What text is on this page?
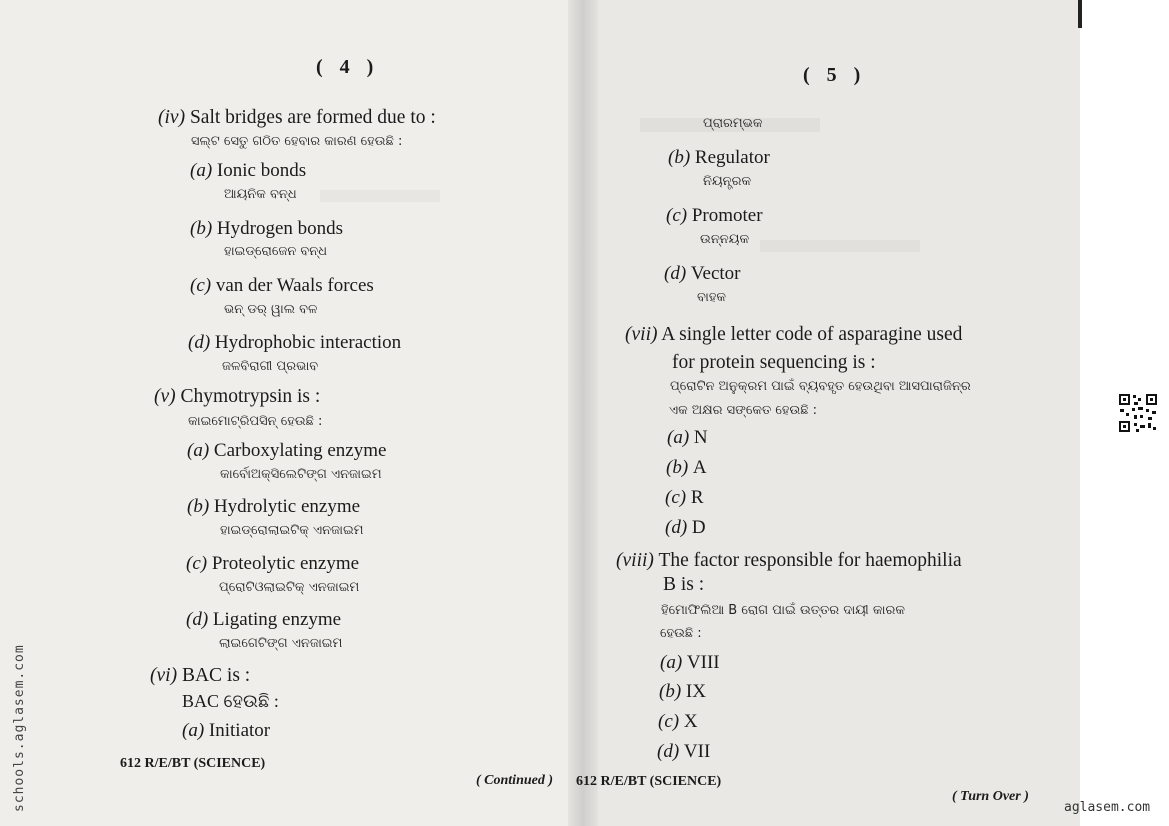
( 4 )
(iv) Salt bridges are formed due to :
ସଲ୍ଟ ସେତୁ ଗଠିତ ହେବାର କାରଣ ହେଉଛି :
(a) Ionic bonds
ଆୟନିକ ବନ୍ଧ
(b) Hydrogen bonds
ହାଇଡ୍ରୋଜେନ ବନ୍ଧ
(c) van der Waals forces
ଭନ୍ ଡର୍ ୱାଲ ବଳ
(d) Hydrophobic interaction
ଜଳବିରାଗୀ ପ୍ରଭାବ
(v) Chymotrypsin is :
କାଇମୋଟ୍ରିପସିନ୍ ହେଉଛି :
(a) Carboxylating enzyme
କାର୍ବୋଅକ୍ସିଲେଟିଙ୍ଗ ଏନଜାଇମ
(b) Hydrolytic enzyme
ହାଇଡ୍ରୋଲାଇଟିକ୍ ଏନଜାଇମ
(c) Proteolytic enzyme
ପ୍ରୋଟିଓଲାଇଟିକ୍ ଏନଜାଇମ
(d) Ligating enzyme
ଲାଇଗେଟିଙ୍ଗ ଏନଜାଇମ
(vi) BAC is :
BAC ହେଉଛି :
(a) Initiator
612 R/E/BT (SCIENCE)
( Continued )
( 5 )
ପ୍ରାରମ୍ଭକ
(b) Regulator
ନିୟନ୍ତ୍ରକ
(c) Promoter
ଉନ୍ନୟକ
(d) Vector
ବାହକ
(vii) A single letter code of asparagine used
for protein sequencing is :
ପ୍ରୋଟିନ ଅନୁକ୍ରମ ପାଇଁ ବ୍ୟବହୃତ ହେଉଥିବା ଆସପାରାଜିନ୍‌ର
ଏକ ଅକ୍ଷର ସଙ୍କେତ ହେଉଛି :
(a) N
(b) A
(c) R
(d) D
(viii) The factor responsible for haemophilia
B is :
ହିମୋଫିଲିଆ B ରୋଗ ପାଇଁ ଉତ୍ତର ଦାୟୀ କାରକ
ହେଉଛି :
(a) VIII
(b) IX
(c) X
(d) VII
612 R/E/BT (SCIENCE)
( Turn Over )
schools.aglasem.com	aglasem.com
